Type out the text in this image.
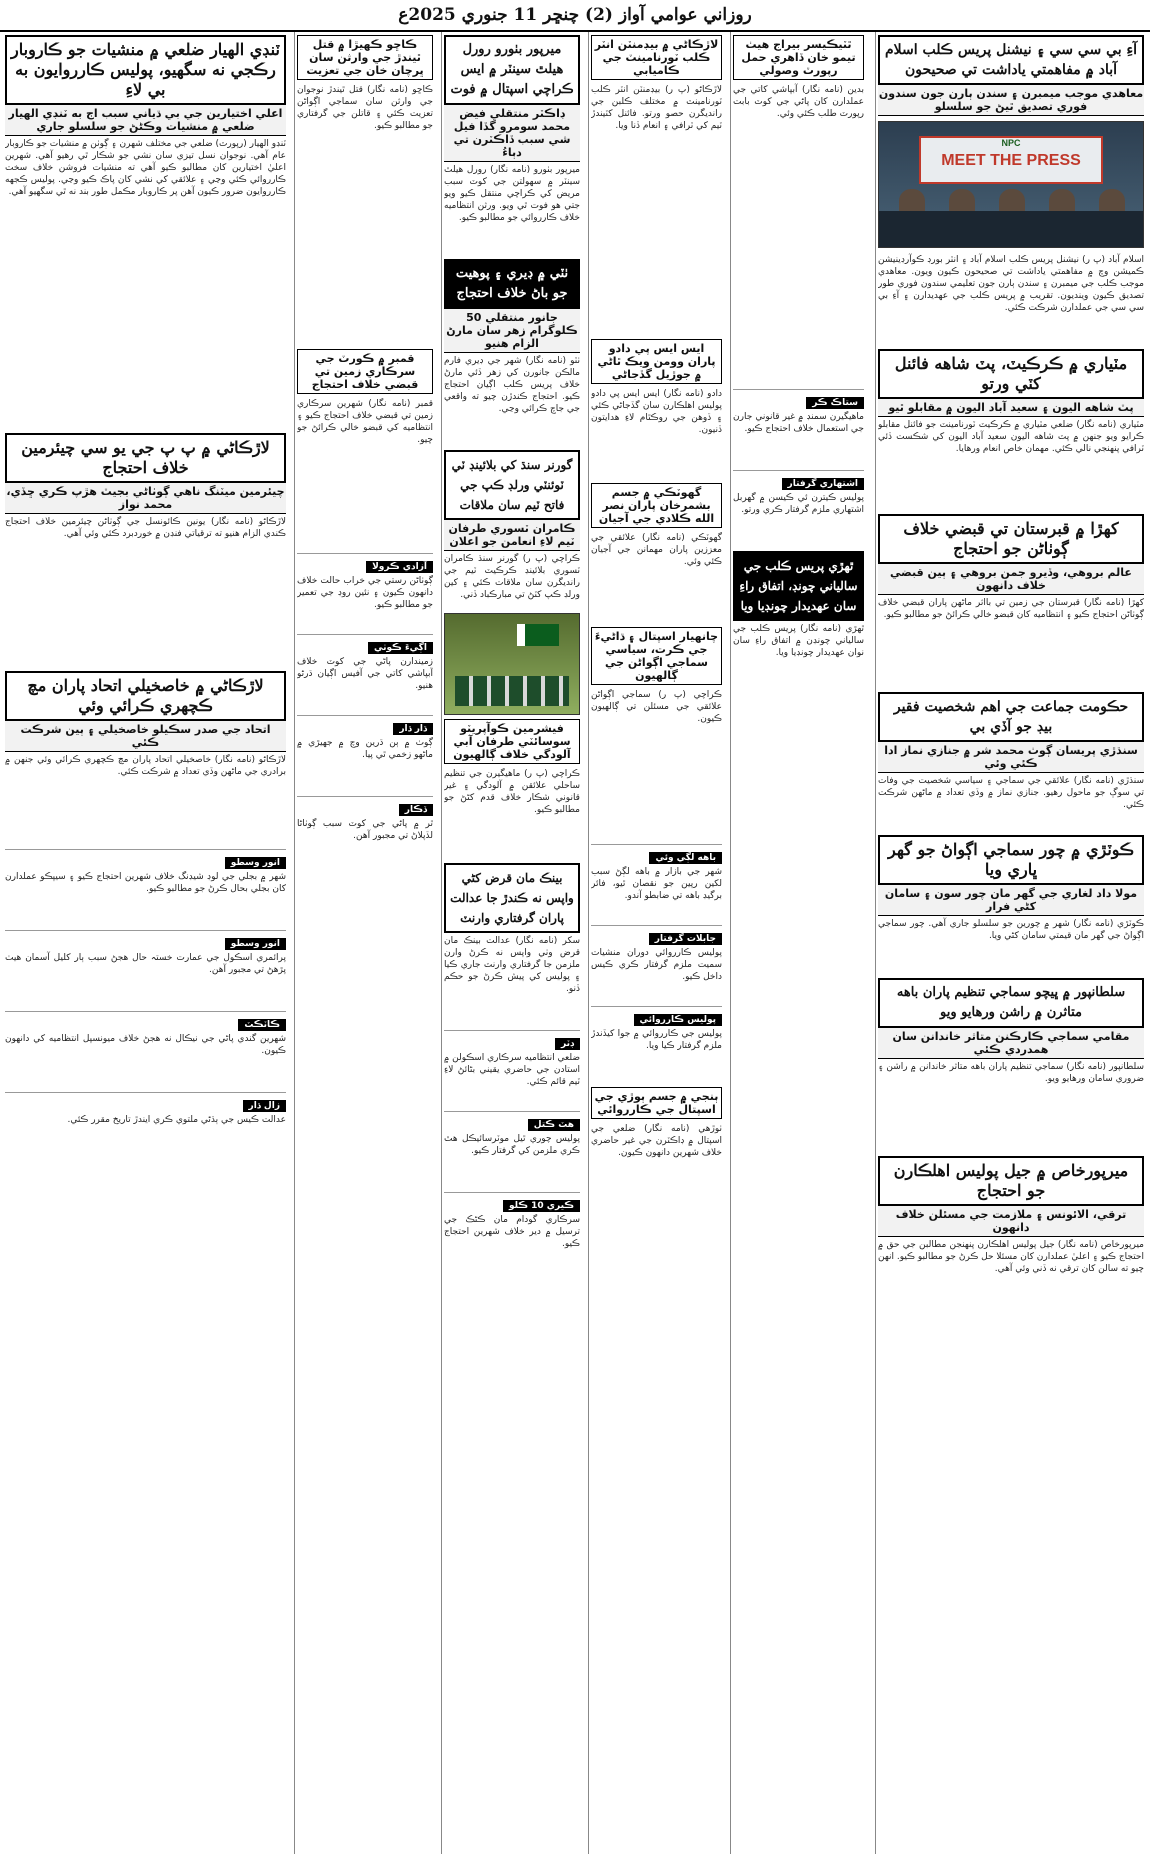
روزاني عوامي آواز (2) چنڇر 11 جنوري 2025ع
ٽنڊي الهيار ضلعي ۾ منشيات جو ڪاروبار رڪجي نه سگهيو، پوليس ڪارروايون به بي لاءِ
اعلي اختيارين جي بي ڌياني سبب اڄ به ٽنڊي الهيار ضلعي ۾ منشيات وڪڻڻ جو سلسلو جاري
ٽنڊو الهيار (رپورٽ) ضلعي جي مختلف شهرن ۽ ڳوٺن ۾ منشيات جو ڪاروبار عام آهي. نوجوان نسل تيزي سان نشي جو شڪار ٿي رهيو آهي. شهرين اعليٰ اختيارين کان مطالبو ڪيو آهي ته منشيات فروشن خلاف سخت ڪارروائي ڪئي وڃي ۽ علائقي کي نشي کان پاڪ ڪيو وڃي. پوليس ڪجهه ڪارروايون ضرور ڪيون آهن پر ڪاروبار مڪمل طور بند نه ٿي سگهيو آهي.
لاڙڪاڻي ۾ پ پ جي يو سي چيئرمين خلاف احتجاج
چيئرمين ميٽنگ ناهي ڳوٺاڻي بجيٽ هڙپ ڪري ڇڏي، محمد نواز
لاڙڪاڻو (نامه نگار) يونين ڪائونسل جي ڳوٺاڻن چيئرمين خلاف احتجاج ڪندي الزام هنيو ته ترقياتي فنڊن ۾ خوردبرد ڪئي وئي آهي.
لاڙڪاڻي ۾ خاصخيلي اتحاد پاران مچ ڪچهري ڪرائي وئي
اتحاد جي صدر سڪيلو خاصخيلي ۽ ٻين شرڪت ڪئي
لاڙڪاڻو (نامه نگار) خاصخيلي اتحاد پاران مچ ڪچهري ڪرائي وئي جنهن ۾ برادري جي ماڻهن وڏي تعداد ۾ شرڪت ڪئي.
انور وسطو
شهر ۾ بجلي جي لوڊ شيڊنگ خلاف شهرين احتجاج ڪيو ۽ سيپڪو عملدارن کان بجلي بحال ڪرڻ جو مطالبو ڪيو.
انور وسطو
پرائمري اسڪول جي عمارت خستہ حال هجڻ سبب ٻار کليل آسمان هيٺ پڙهڻ تي مجبور آهن.
ڪاٽڪٽ
شهرين گندي پاڻي جي نيڪال نه هجڻ خلاف ميونسپل انتظاميه کي دانهون ڪيون.
زال ڌار
عدالت ڪيس جي ٻڌڻي ملتوي ڪري ايندڙ تاريخ مقرر ڪئي.
ڪاڇو ڪهيڙا ۾ قتل ٿيندڙ جي وارثن سان ڀرچان خان جي تعزيت
ڪاڇو (نامه نگار) قتل ٿيندڙ نوجوان جي وارثن سان سماجي اڳواڻن تعزيت ڪئي ۽ قاتلن جي گرفتاري جو مطالبو ڪيو.
قمبر ۾ ڪورٽ جي سرڪاري زمين تي قبضي خلاف احتجاج
قمبر (نامه نگار) شهرين سرڪاري زمين تي قبضي خلاف احتجاج ڪيو ۽ انتظاميه کي قبضو خالي ڪرائڻ جو چيو.
آزادي ڪرولا
ڳوٺاڻن رستي جي خراب حالت خلاف دانهون ڪيون ۽ نئين روڊ جي تعمير جو مطالبو ڪيو.
اڳيءَ ڪوٺي
زميندارن پاڻي جي کوٽ خلاف آبپاشي کاتي جي آفيس اڳيان ڌرڻو هنيو.
ڌار ڌار
ڳوٺ ۾ ٻن ڌرين وچ ۾ جهيڙي ۾ ماڻهو زخمي ٿي پيا.
ڏڪار
ٿر ۾ پاڻي جي کوٽ سبب ڳوٺاڻا لڏپلاڻ تي مجبور آهن.
ميرپور بٺورو رورل هيلٿ سينٽر ۾ ايس ڪراچي اسپتال ۾ فوت
ڊاڪٽر منتقلي فيض محمد سومرو گڏا فيل شي سبب ڏاڪٽرن تي دٻاءُ
ميرپور بٺورو (نامه نگار) رورل هيلٿ سينٽر ۾ سهولتن جي کوٽ سبب مريض کي ڪراچي منتقل ڪيو ويو جتي هو فوت ٿي ويو. ورثن انتظاميه خلاف ڪارروائي جو مطالبو ڪيو.
ٺٽي ۾ ڊيري ۽ پوهيت جو باڻ خلاف احتجاج
جانور منتقلي 50 ڪلوگرام زهر سان مارڻ الزام هنيو
ٺٽو (نامه نگار) شهر جي ڊيري فارم مالڪن جانورن کي زهر ڏئي مارڻ خلاف پريس ڪلب اڳيان احتجاج ڪيو. احتجاج ڪندڙن چيو ته واقعي جي جاچ ڪرائي وڃي.
گورنر سنڌ کي بلائينڊ ٽي ٽوئنٽي ورلڊ ڪپ جي فاتح ٽيم سان ملاقات
ڪامران ٽسوري طرفان ٽيم لاءِ انعامن جو اعلان
ڪراچي (پ ر) گورنر سنڌ ڪامران ٽسوري بلائينڊ ڪرڪيٽ ٽيم جي رانديگرن سان ملاقات ڪئي ۽ کين ورلڊ ڪپ کٽڻ تي مبارڪباد ڏني.
فيشرمين ڪوآپريٽو سوسائٽي طرفان آبي آلودگي خلاف ڳالهيون
ڪراچي (پ ر) ماهيگيرن جي تنظيم ساحلي علائقن ۾ آلودگي ۽ غير قانوني شڪار خلاف قدم کڻڻ جو مطالبو ڪيو.
بينڪ مان قرض کڻي واپس نه ڪندڙ جا عدالت پاران گرفتاري وارنٽ
سکر (نامه نگار) عدالت بينڪ مان قرض وٺي واپس نه ڪرڻ وارن ملزمن جا گرفتاري وارنٽ جاري ڪيا ۽ پوليس کي پيش ڪرڻ جو حڪم ڏنو.
ڊٽر
ضلعي انتظاميه سرڪاري اسڪولن ۾ استادن جي حاضري يقيني بڻائڻ لاءِ ٽيم قائم ڪئي.
هٽ ڪتل
پوليس چوري ٿيل موٽرسائيڪل هٿ ڪري ملزمن کي گرفتار ڪيو.
ڪيري 10 ڪلو
سرڪاري گودام مان ڪڻڪ جي ترسيل ۾ دير خلاف شهرين احتجاج ڪيو.
لاڙڪاڻي ۾ بيڊمنٽن انٽر ڪلب ٽورنامينٽ جي ڪاميابي
لاڙڪاڻو (پ ر) بيڊمنٽن انٽر ڪلب ٽورنامينٽ ۾ مختلف ڪلبن جي رانديگرن حصو ورتو. فائنل کٽيندڙ ٽيم کي ٽرافي ۽ انعام ڏنا ويا.
ايس ايس پي دادو پاران وومن ويڪ ٿاڻي ۾ جوڙيل گڏجاڻي
دادو (نامه نگار) ايس ايس پي دادو پوليس اهلڪارن سان گڏجاڻي ڪئي ۽ ڏوهن جي روڪٿام لاءِ هدايتون ڏنيون.
گهوٽڪي ۾ جسم بشمرخان پاران نصر الله ڪلادي جي آجيان
گهوٽڪي (نامه نگار) علائقي جي معززين پاران مهمانن جي آجيان ڪئي وئي.
چانهيار اسپتال ۽ ڌاڻيءَ جي ڪرت، سياسي سماجي اڳواڻن جي ڳالهيون
ڪراچي (پ ر) سماجي اڳواڻن علائقي جي مسئلن تي ڳالهيون ڪيون.
باهه لڳي وئي
شهر جي بازار ۾ باهه لڳڻ سبب لکين رپين جو نقصان ٿيو، فائر برگيڊ باهه تي ضابطو آندو.
جابلات گرفتار
پوليس ڪارروائي دوران منشيات سميت ملزم گرفتار ڪري ڪيس داخل ڪيو.
پوليس ڪارروائي
پوليس جي ڪارروائي ۾ جوا کيڏندڙ ملزم گرفتار ڪيا ويا.
ٻنجي ۾ جسم ٻوڙي جي اسپتال جي ڪارروائي
ٺوڙهي (نامه نگار) ضلعي جي اسپتال ۾ ڊاڪٽرن جي غير حاضري خلاف شهرين دانهون ڪيون.
ٿٽيڪيسر بيراج هيٺ تيمو خان ڏاهري حمل رپورٽ وصولي
بدين (نامه نگار) آبپاشي کاتي جي عملدارن کان پاڻي جي کوٽ بابت رپورٽ طلب ڪئي وئي.
ستاڪ ڪر
ماهيگيرن سمنڊ ۾ غير قانوني جارن جي استعمال خلاف احتجاج ڪيو.
اشتهاري گرفتار
پوليس ڪيترن ئي ڪيسن ۾ گهربل اشتهاري ملزم گرفتار ڪري ورتو.
ٿهڙي پريس ڪلب جي سالياني چونڊ، اتفاق راءِ سان عهديدار چونڊيا ويا
ٿهڙي (نامه نگار) پريس ڪلب جي سالياني چونڊن ۾ اتفاق راءِ سان نوان عهديدار چونڊيا ويا.
آءِ بي سي سي ۽ نيشنل پريس ڪلب اسلام آباد ۾ مفاهمتي ياداشت تي صحيحون
معاهدي موجب ميمبرن ۽ سندن ٻارن جون سندون فوري تصديق ٿيڻ جو سلسلو
NPC
MEET THE PRESS
اسلام آباد (پ ر) نيشنل پريس ڪلب اسلام آباد ۽ انٽر بورڊ ڪوآرڊينيشن ڪميشن وچ ۾ مفاهمتي ياداشت تي صحيحون ڪيون ويون. معاهدي موجب ڪلب جي ميمبرن ۽ سندن ٻارن جون تعليمي سندون فوري طور تصديق ڪيون وينديون. تقريب ۾ پريس ڪلب جي عهديدارن ۽ آءِ بي سي سي جي عملدارن شرڪت ڪئي.
مٽياري ۾ ڪرڪيٽ، پٽ شاهه فائنل کٽي ورتو
پٽ شاهه اليون ۽ سعيد آباد اليون ۾ مقابلو ٿيو
مٽياري (نامه نگار) ضلعي مٽياري ۾ ڪرڪيٽ ٽورنامينٽ جو فائنل مقابلو ڪرايو ويو جنهن ۾ پٽ شاهه اليون سعيد آباد اليون کي شڪست ڏئي ٽرافي پنهنجي نالي ڪئي. مهمان خاص انعام ورهايا.
کهڙا ۾ قبرستان تي قبضي خلاف ڳوٺاڻن جو احتجاج
عالم بروهي، وڏيرو جمن بروهي ۽ ٻين قبضي خلاف دانهون
کهڙا (نامه نگار) قبرستان جي زمين تي بااثر ماڻهن پاران قبضي خلاف ڳوٺاڻن احتجاج ڪيو ۽ انتظاميه کان قبضو خالي ڪرائڻ جو مطالبو ڪيو.
حڪومت جماعت جي اهم شخصيت فقير بيڊ جو آڏي بي
سنڌڙي پريسان ڳوٺ محمد شر ۾ جنازي نماز ادا ڪئي وئي
سنڌڙي (نامه نگار) علائقي جي سماجي ۽ سياسي شخصيت جي وفات تي سوڳ جو ماحول رهيو. جنازي نماز ۾ وڏي تعداد ۾ ماڻهن شرڪت ڪئي.
ڪوٽڙي ۾ چور سماجي اڳواڻ جو گهر ڀاري ويا
مولا داد لغاري جي گهر مان چور سون ۽ سامان کڻي فرار
ڪوٽڙي (نامه نگار) شهر ۾ چورين جو سلسلو جاري آهي. چور سماجي اڳواڻ جي گهر مان قيمتي سامان کڻي ويا.
سلطانپور ۾ ڀيچو سماجي تنظيم پاران باهه متاثرن ۾ راشن ورهايو ويو
مقامي سماجي ڪارڪنن متاثر خاندانن سان همدردي ڪئي
سلطانپور (نامه نگار) سماجي تنظيم پاران باهه متاثر خاندانن ۾ راشن ۽ ضروري سامان ورهايو ويو.
ميرپورخاص ۾ جيل پوليس اهلڪارن جو احتجاج
ترقي، الائونس ۽ ملازمت جي مسئلن خلاف دانهون
ميرپورخاص (نامه نگار) جيل پوليس اهلڪارن پنهنجن مطالبن جي حق ۾ احتجاج ڪيو ۽ اعليٰ عملدارن کان مسئلا حل ڪرڻ جو مطالبو ڪيو. انهن چيو ته سالن کان ترقي نه ڏني وئي آهي.
